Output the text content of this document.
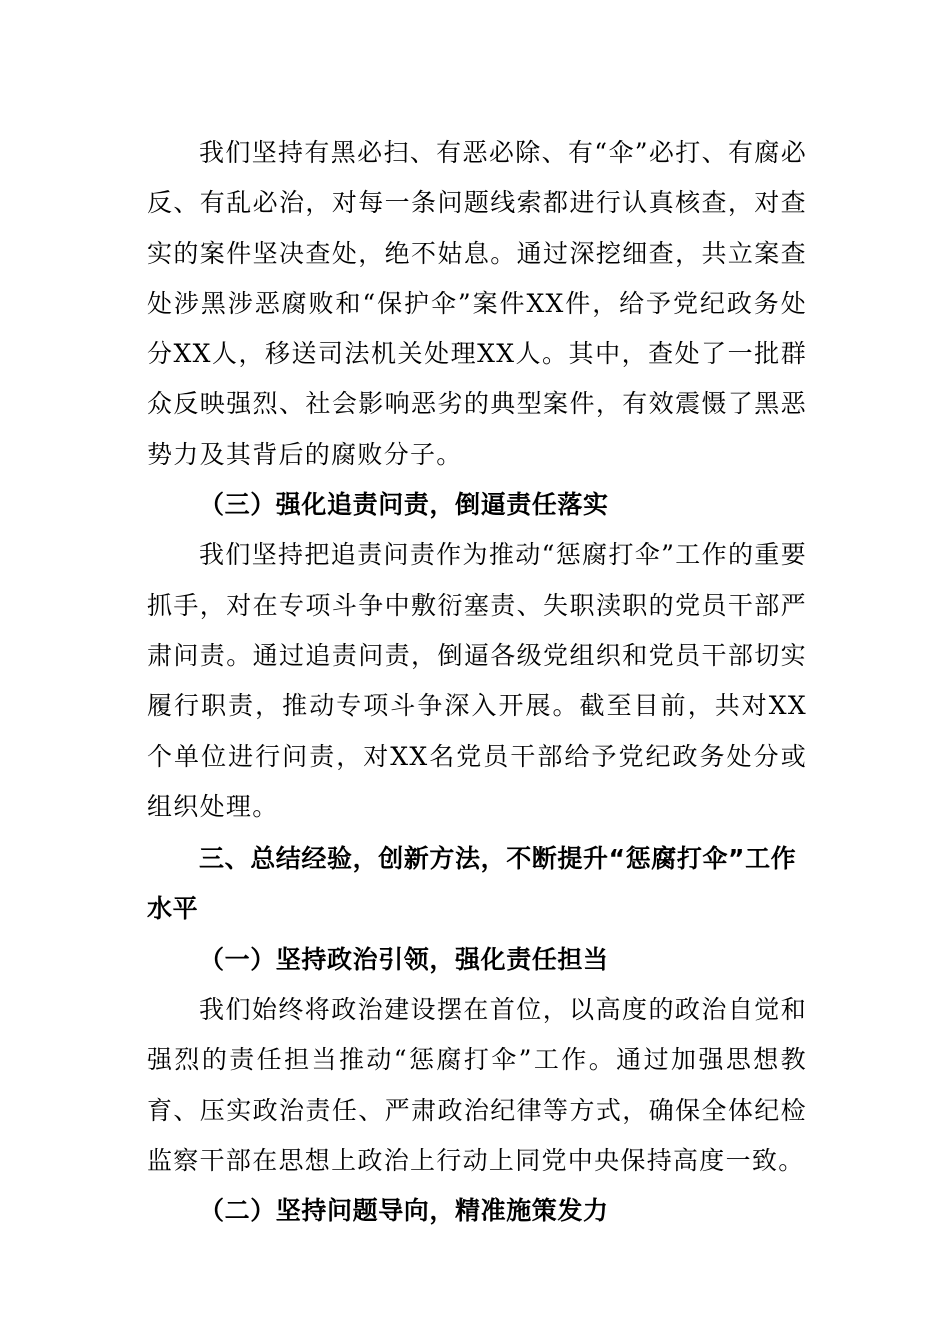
我们坚持有黑必扫、有恶必除、有“伞”必打、有腐必反、有乱必治，对每一条问题线索都进行认真核查，对查实的案件坚决查处，绝不姑息。通过深挖细查，共立案查处涉黑涉恶腐败和“保护伞”案件XX件，给予党纪政务处分XX人，移送司法机关处理XX人。其中，查处了一批群众反映强烈、社会影响恶劣的典型案件，有效震慑了黑恶势力及其背后的腐败分子。

（三）强化追责问责，倒逼责任落实

我们坚持把追责问责作为推动“惩腐打伞”工作的重要抓手，对在专项斗争中敷衍塞责、失职渎职的党员干部严肃问责。通过追责问责，倒逼各级党组织和党员干部切实履行职责，推动专项斗争深入开展。截至目前，共对XX个单位进行问责，对XX名党员干部给予党纪政务处分或组织处理。

三、总结经验，创新方法，不断提升“惩腐打伞”工作水平

（一）坚持政治引领，强化责任担当

我们始终将政治建设摆在首位，以高度的政治自觉和强烈的责任担当推动“惩腐打伞”工作。通过加强思想教育、压实政治责任、严肃政治纪律等方式，确保全体纪检监察干部在思想上政治上行动上同党中央保持高度一致。

（二）坚持问题导向，精准施策发力
